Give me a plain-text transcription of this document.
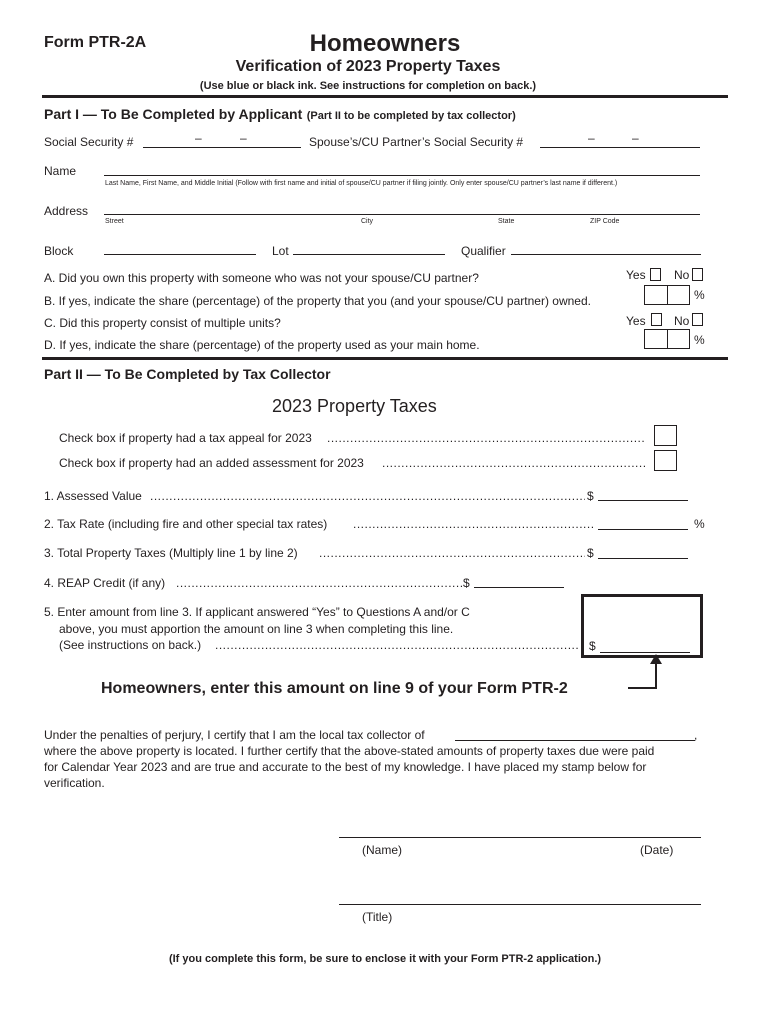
Form PTR-2A	Homeowners
Verification of 2023 Property Taxes
(Use blue or black ink. See instructions for completion on back.)
Part I — To Be Completed by Applicant (Part II to be completed by tax collector)
Social Security #	–	–	Spouse’s/CU Partner’s Social Security #	–	–
Name
Last Name, First Name, and Middle Initial (Follow with first name and initial of spouse/CU partner if filing jointly. Only enter spouse/CU partner’s last name if different.)
Address
Street	City	State	ZIP Code
Block	Lot	Qualifier
A. Did you own this property with someone who was not your spouse/CU partner?	Yes No
B. If yes, indicate the share (percentage) of the property that you (and your spouse/CU partner) owned.	%
C. Did this property consist of multiple units?	Yes No
D. If yes, indicate the share (percentage) of the property used as your main home.	%
Part II — To Be Completed by Tax Collector
2023 Property Taxes
Check box if property had a tax appeal for 2023
.....
Check box if property had an added assessment for 2023
.....
1. Assessed Value .....	$
2. Tax Rate (including fire and other special tax rates) .....	%
3. Total Property Taxes (Multiply line 1 by line 2) .....	$
4. REAP Credit (if any) .....	$
5. Enter amount from line 3. If applicant answered “Yes” to Questions A and/or C
above, you must apportion the amount on line 3 when completing this line.
(See instructions on back.) .....	$
Homeowners, enter this amount on line 9 of your Form PTR-2
Under the penalties of perjury, I certify that I am the local tax collector of	,
where the above property is located. I further certify that the above-stated amounts of property taxes due were paid
for Calendar Year 2023 and are true and accurate to the best of my knowledge. I have placed my stamp below for
verification.
(Name)	(Date)
(Title)
(If you complete this form, be sure to enclose it with your Form PTR-2 application.)
